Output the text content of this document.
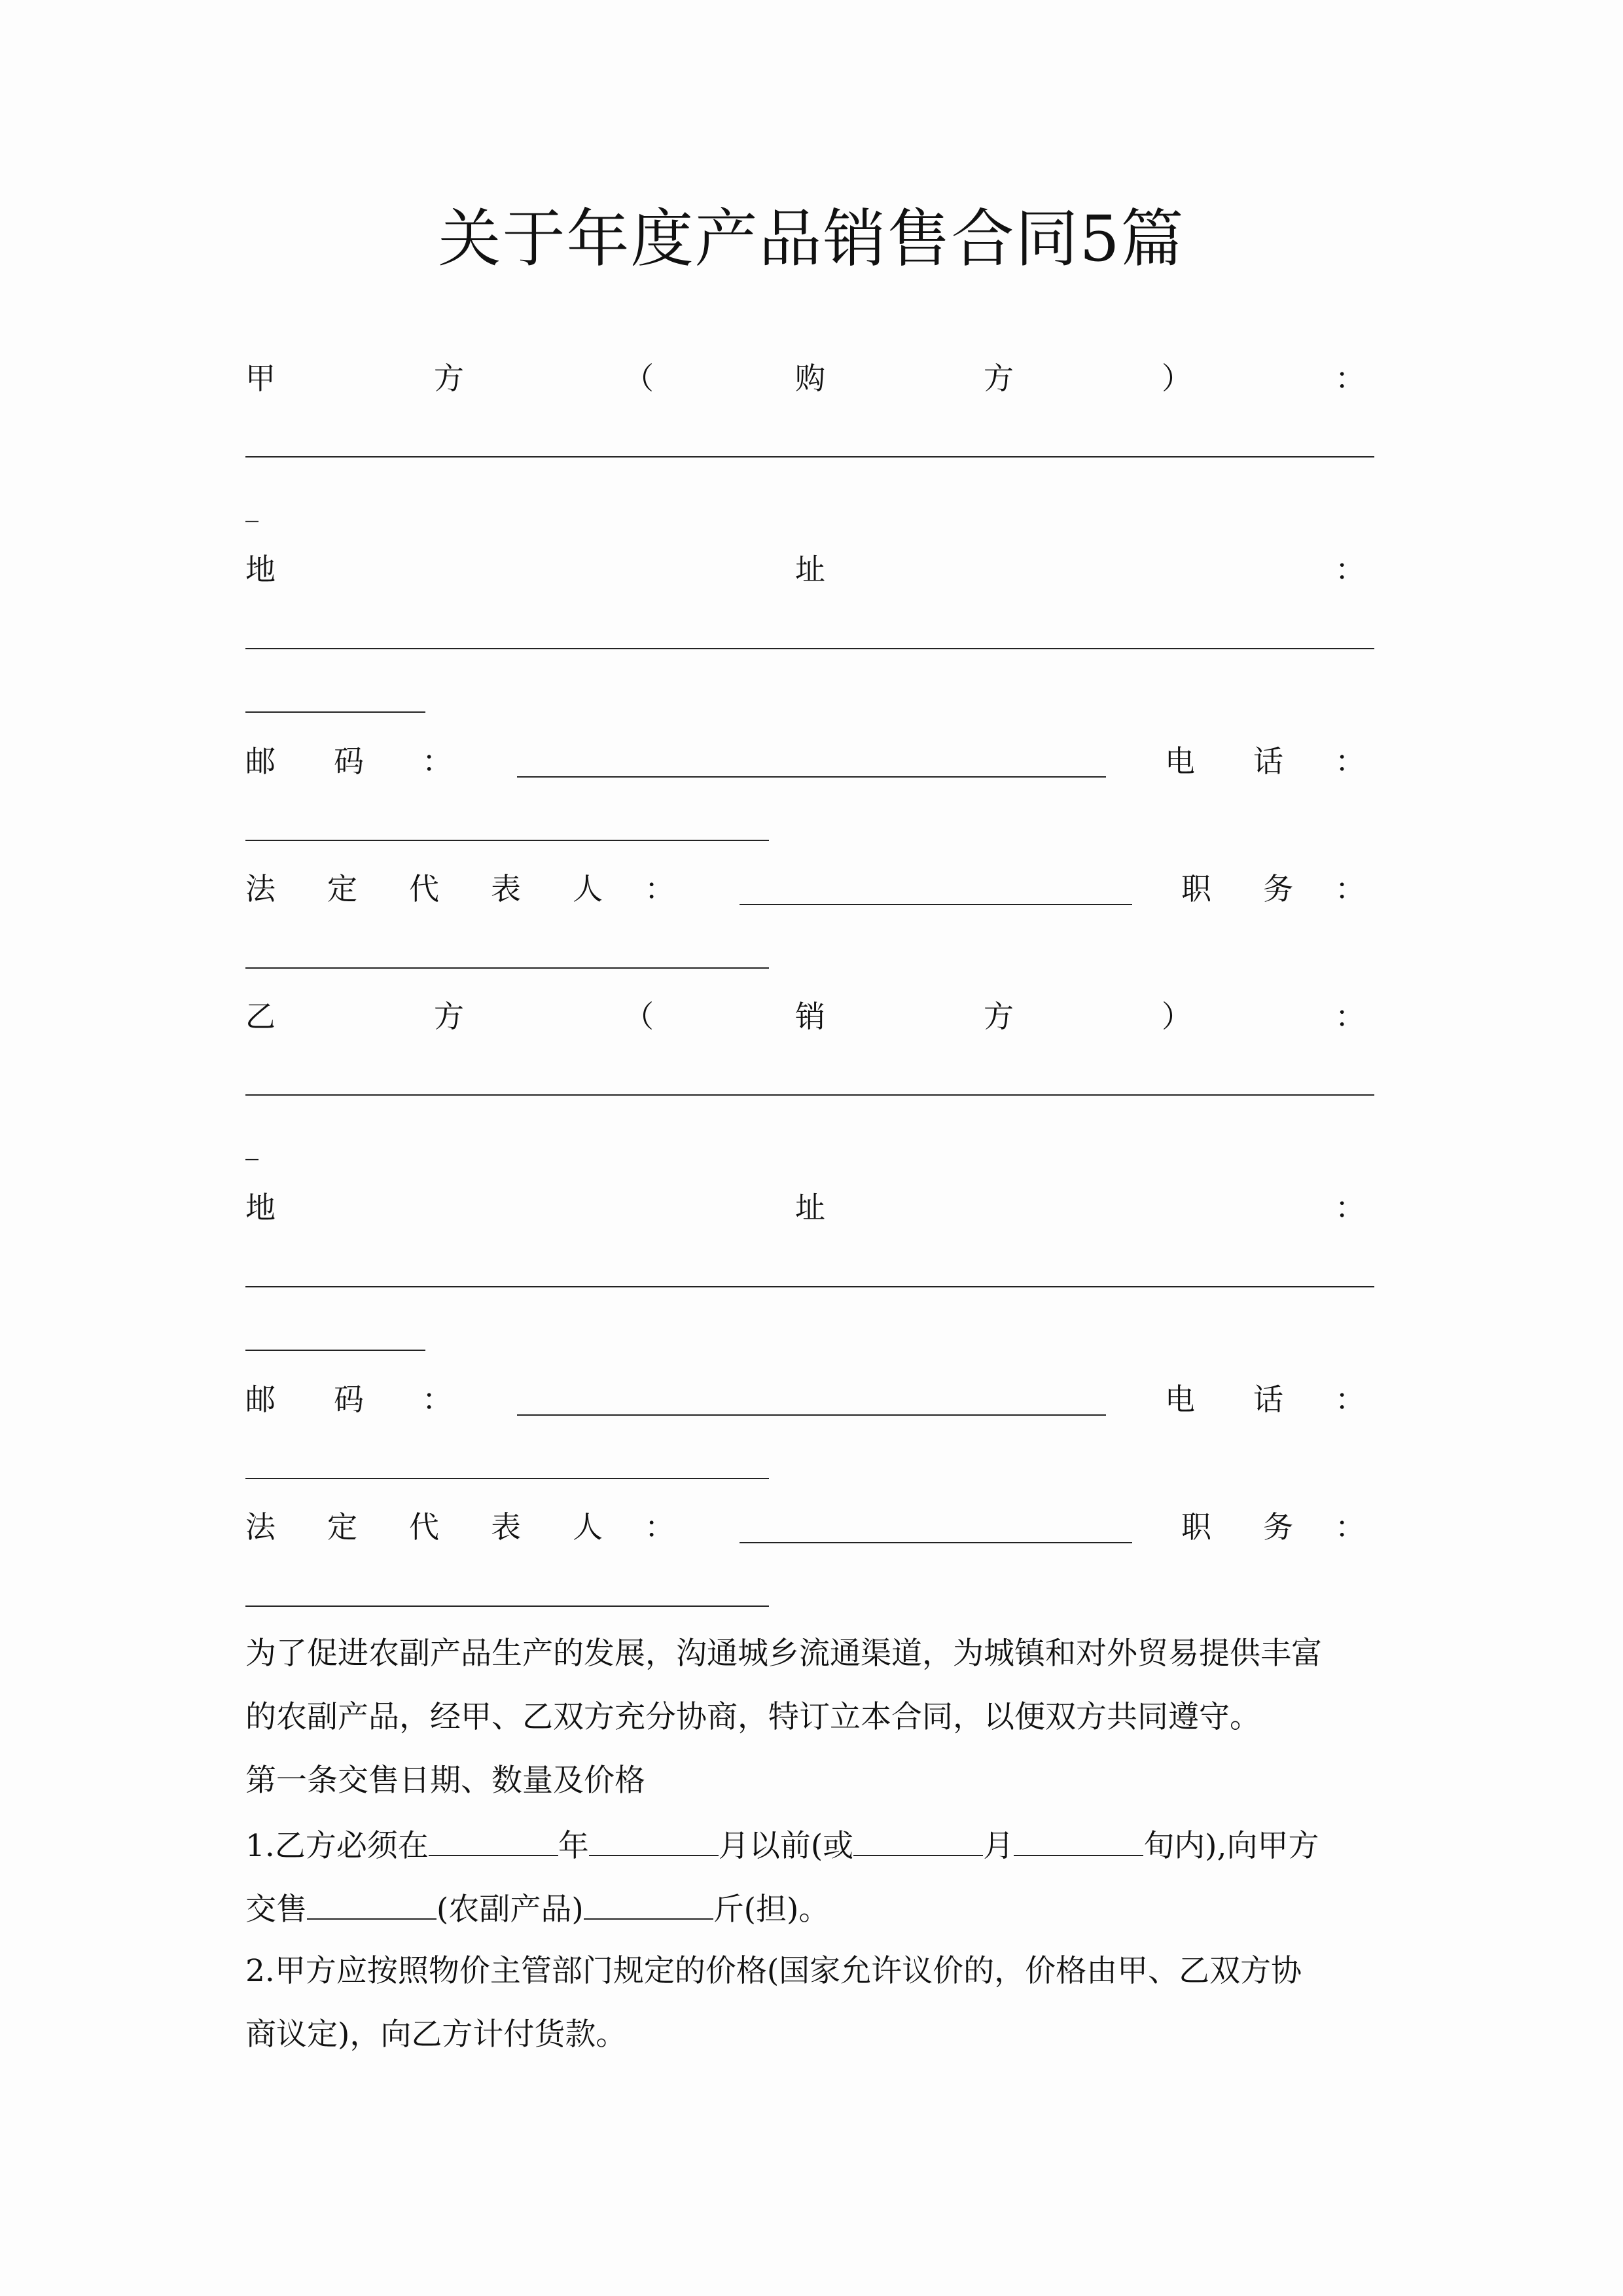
关于年度产品销售合同5篇
甲	方	（	购	方	）	：
_
地	址	：
邮 码 ：	电 话 ：
法 定 代 表 人 ：	职 务 ：
乙	方	（	销	方	）	：
_
地	址	：
邮 码 ：	电 话 ：
法 定 代 表 人 ：	职 务 ：
为了促进农副产品生产的发展，沟通城乡流通渠道，为城镇和对外贸易提供丰富
的农副产品，经甲、乙双方充分协商，特订立本合同，以便双方共同遵守。
第一条交售日期、数量及价格
1.乙方必须在	年	月以前(或	月	旬内),向甲方
交售	(农副产品)	斤(担)。
2.甲方应按照物价主管部门规定的价格(国家允许议价的，价格由甲、乙双方协
商议定)，向乙方计付货款。
